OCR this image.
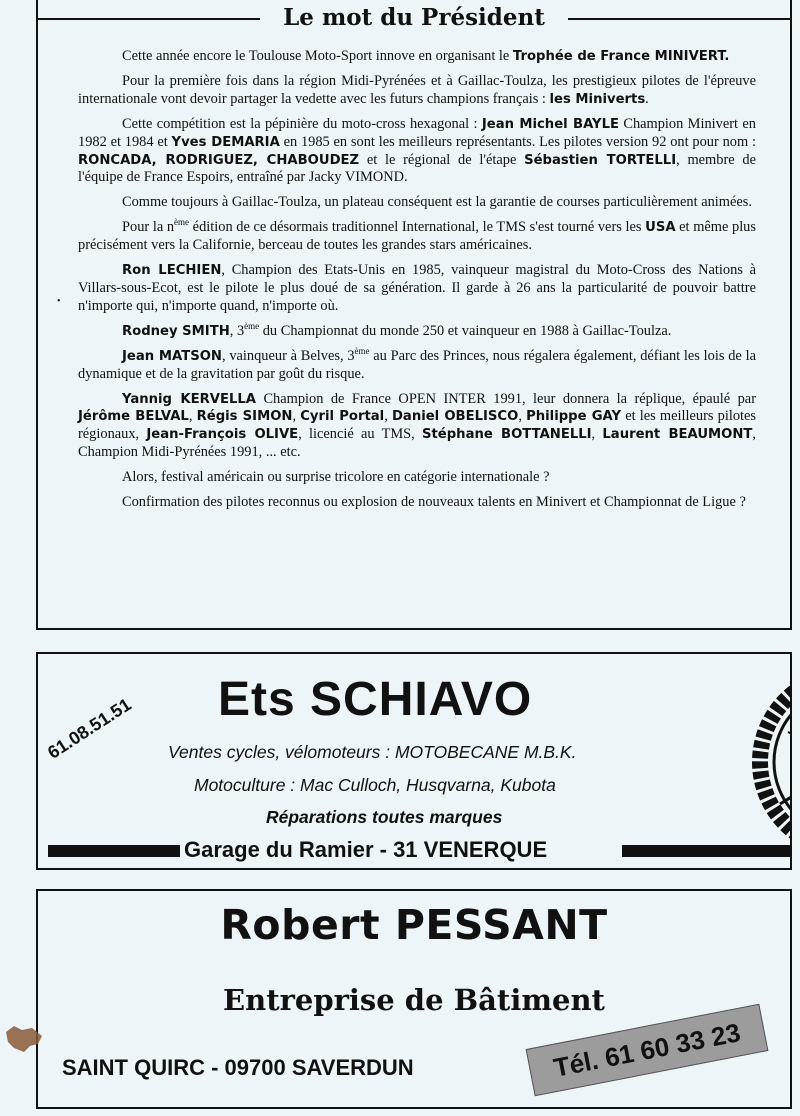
Le mot du Président

Cette année encore le Toulouse Moto-Sport innove en organisant le Trophée de France MINIVERT.

Pour la première fois dans la région Midi-Pyrénées et à Gaillac-Toulza, les prestigieux pilotes de l'épreuve internationale vont devoir partager la vedette avec les futurs champions français : les Miniverts.

Cette compétition est la pépinière du moto-cross hexagonal : Jean Michel BAYLE Champion Minivert en 1982 et 1984 et Yves DEMARIA en 1985 en sont les meilleurs représentants. Les pilotes version 92 ont pour nom : RONCADA, RODRIGUEZ, CHABOUDEZ et le régional de l'étape Sébastien TORTELLI, membre de l'équipe de France Espoirs, entraîné par Jacky VIMOND.

Comme toujours à Gaillac-Toulza, un plateau conséquent est la garantie de courses particulièrement animées.

Pour la $n^{ème}$ édition de ce désormais traditionnel International, le TMS s'est tourné vers les USA et même plus précisément vers la Californie, berceau de toutes les grandes stars américaines.

Ron LECHIEN, Champion des Etats-Unis en 1985, vainqueur magistral du Moto-Cross des Nations à Villars-sous-Ecot, est le pilote le plus doué de sa génération. Il garde à 26 ans la particularité de pouvoir battre n'importe qui, n'importe quand, n'importe où.

Rodney SMITH, 3ème du Championnat du monde 250 et vainqueur en 1988 à Gaillac-Toulza.

Jean MATSON, vainqueur à Belves, 3ème au Parc des Princes, nous régalera également, défiant les lois de la dynamique et de la gravitation par goût du risque.

Yannig KERVELLA Champion de France OPEN INTER 1991, leur donnera la réplique, épaulé par Jérôme BELVAL, Régis SIMON, Cyril Portal, Daniel OBELISCO, Philippe GAY et les meilleurs pilotes régionaux, Jean-François OLIVE, licencié au TMS, Stéphane BOTTANELLI, Laurent BEAUMONT, Champion Midi-Pyrénées 1991, ... etc.

Alors, festival américain ou surprise tricolore en catégorie internationale ?

Confirmation des pilotes reconnus ou explosion de nouveaux talents en Minivert et Championnat de Ligue ?

•
Ets SCHIAVO
61.08.51.51 Ventes cycles, vélomoteurs : MOTOBECANE M.B.K.
Motoculture : Mac Culloch, Husqvarna, Kubota
Réparations toutes marques
Garage du Ramier - 31 VENERQUE
Robert PESSANT
Entreprise de Bâtiment
SAINT QUIRC - 09700 SAVERDUN	Tél. 61 60 33 23
